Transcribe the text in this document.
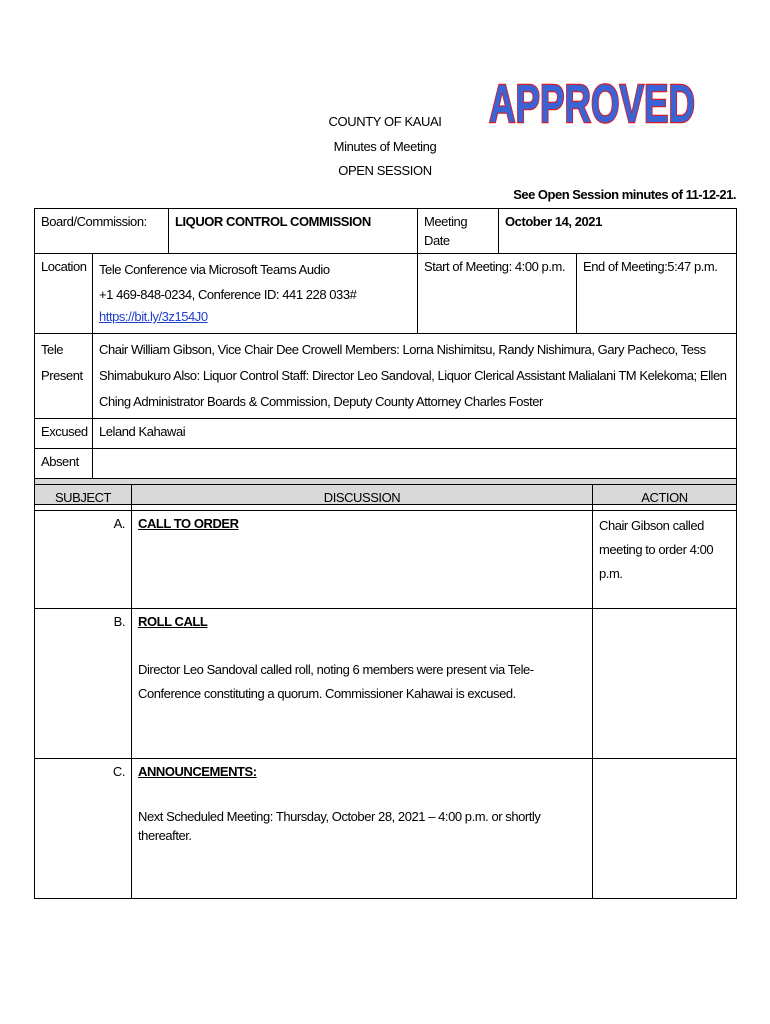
APPROVED
COUNTY OF KAUAI
Minutes of Meeting
OPEN SESSION
See Open Session minutes of 11-12-21.
Board/Commission:		LIQUOR CONTROL COMMISSION	Meeting Date	October 14, 2021	
Location	Tele Conference via Microsoft Teams Audio
+1 469-848-0234, Conference ID: 441 228 033#
https://bit.ly/3z154J0		Start of Meeting: 4:00 p.m.		End of Meeting:5:47 p.m.

Tele
Present	Chair William Gibson, Vice Chair Dee Crowell Members: Lorna Nishimitsu, Randy Nishimura, Gary Pacheco, Tess Shimabukuro Also: Liquor Control Staff: Director Leo Sandoval, Liquor Clerical Assistant Malialani TM Kelekoma; Ellen Ching Administrator Boards & Commission, Deputy County Attorney Charles Foster				
Excused	Leland Kahawai				
Absent					

SUBJECT	DISCUSSION	ACTION
A.	CALL TO ORDER	Chair Gibson called meeting to order 4:00 p.m.
B.	ROLL CALL
Director Leo Sandoval called roll, noting 6 members were present via Tele-Conference constituting a quorum. Commissioner Kahawai is excused.	

C.	ANNOUNCEMENTS:
Next Scheduled Meeting: Thursday, October 28, 2021 – 4:00 p.m. or shortly thereafter.	
